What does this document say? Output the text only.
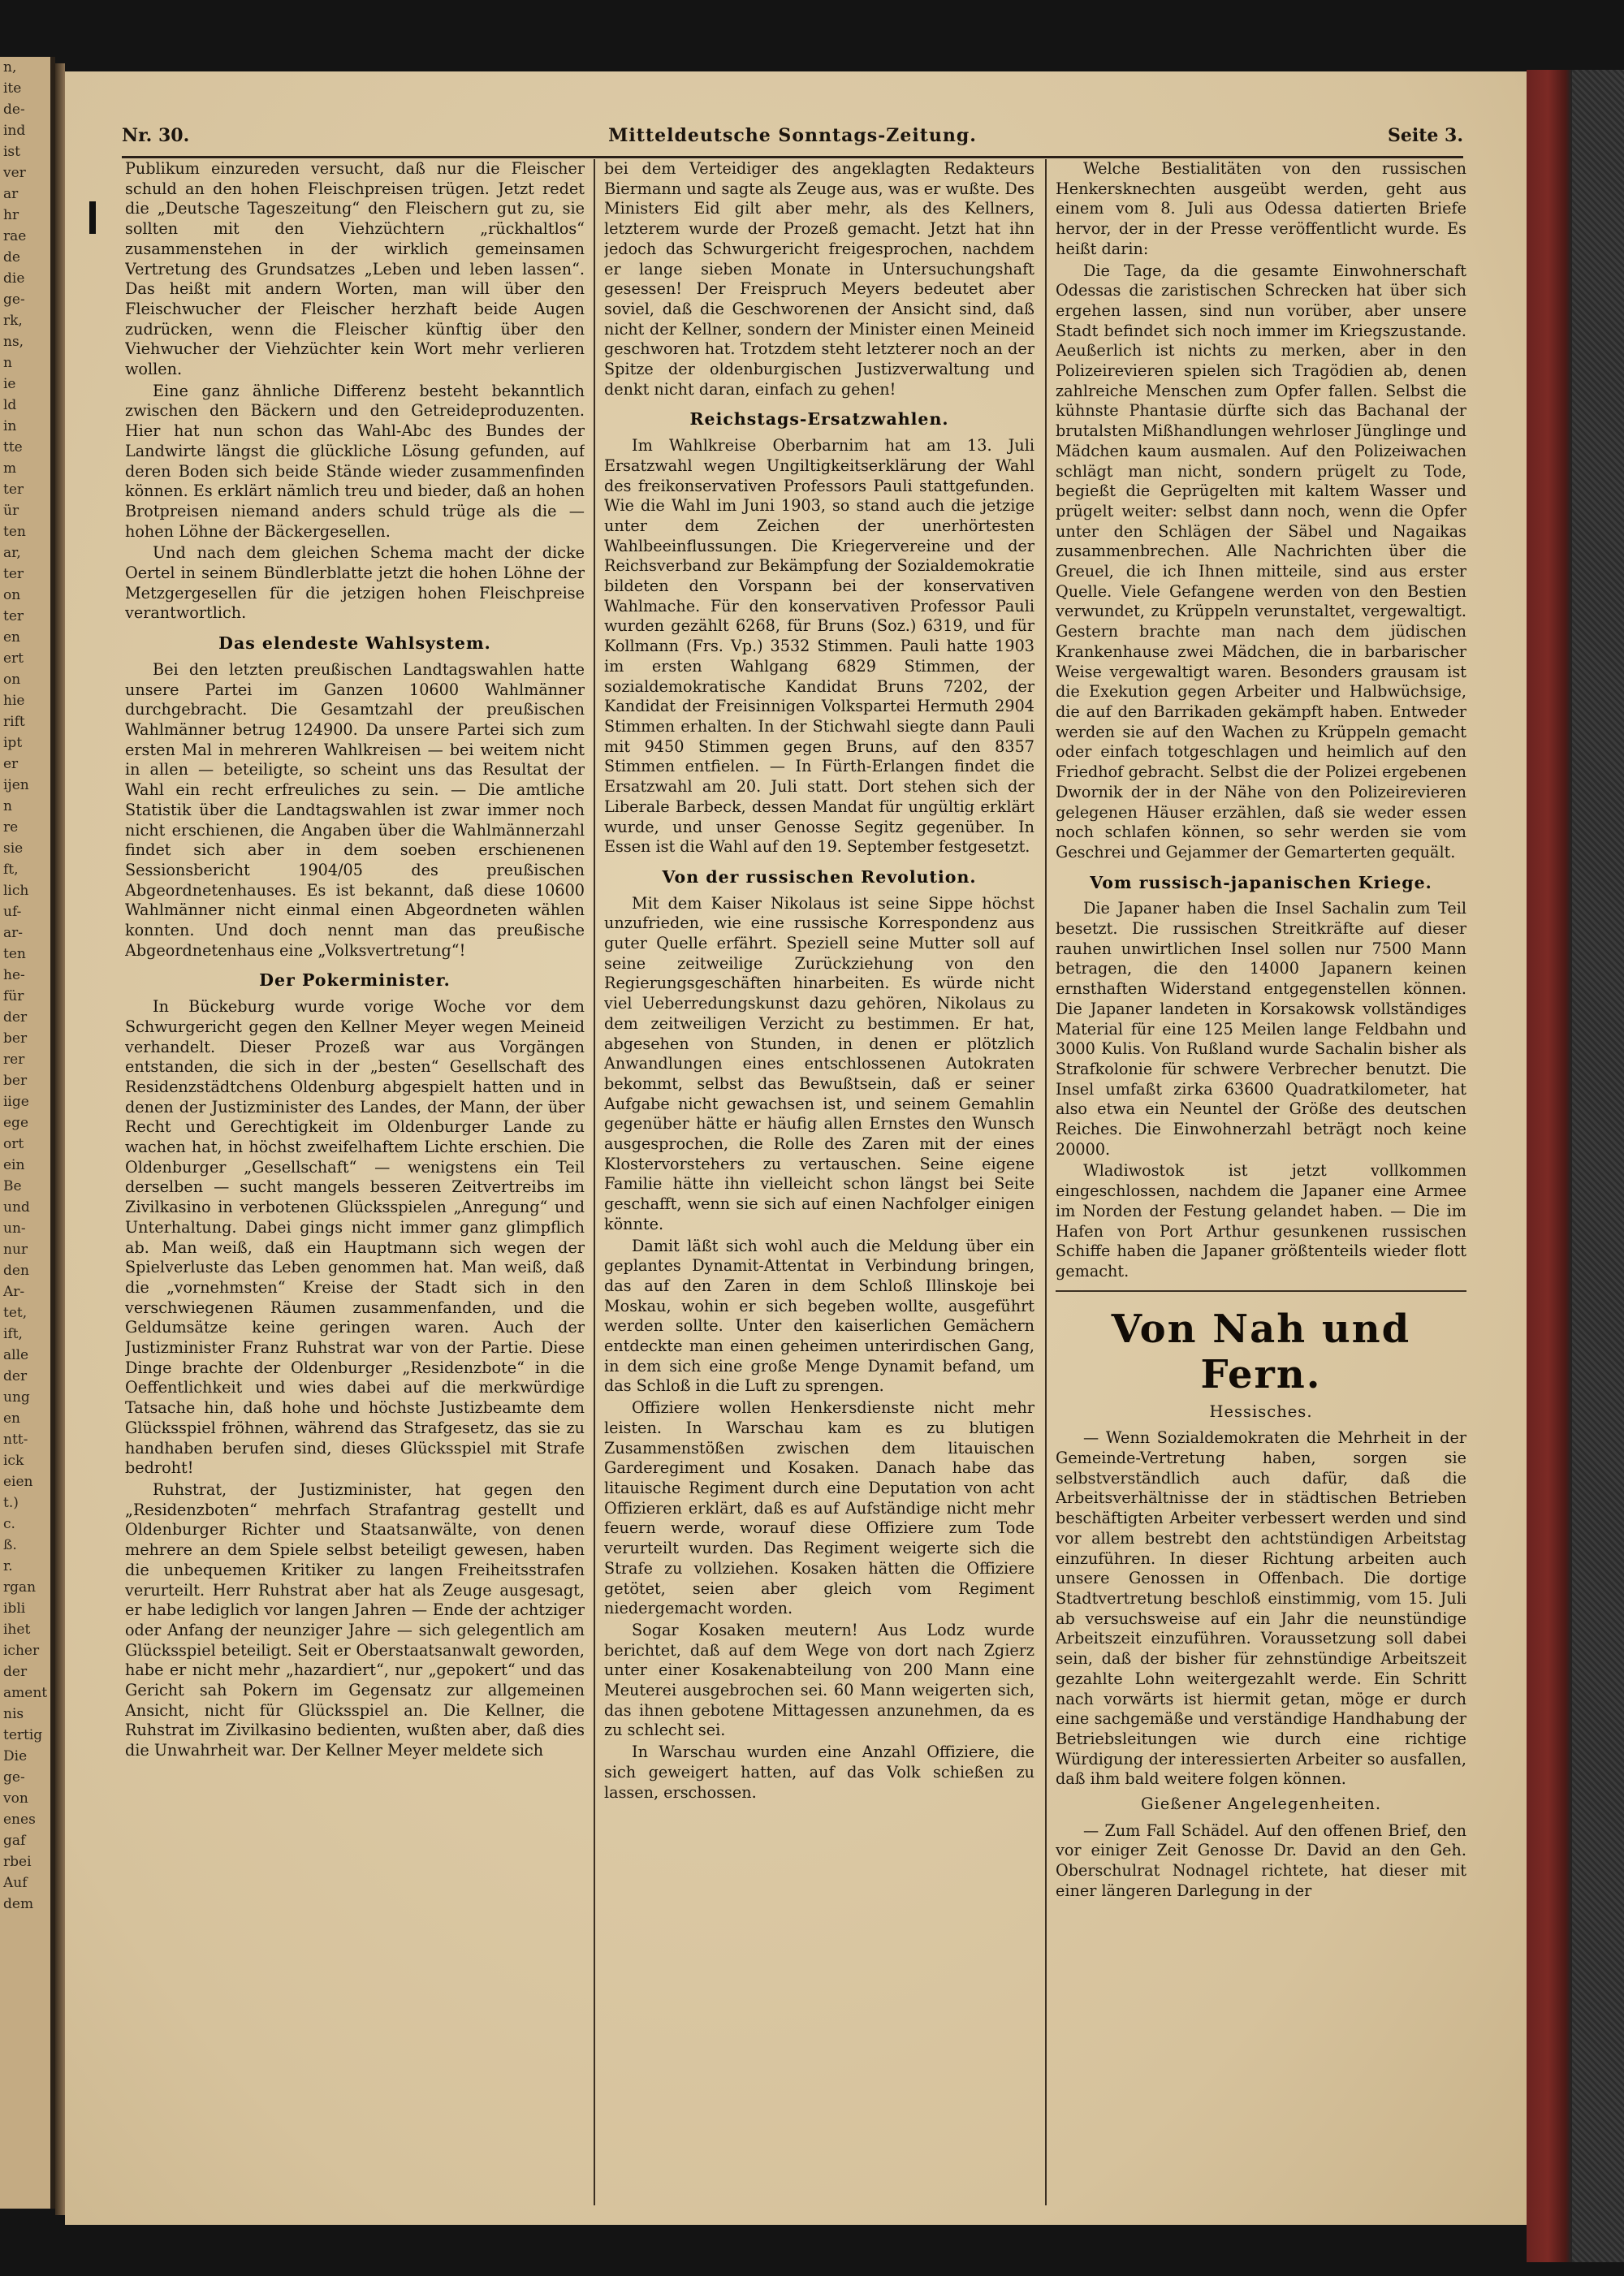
n,
ite
de-
ind
ist
ver
ar
hr
rae
de
die
ge-
rk,
ns,
n
ie
ld
in
tte
m
ter
ür
ten
ar,
ter
on
ter
en
ert
on
hie
rift
ipt
er
ijen
n
re
sie
ft,
lich
uf-
ar-
ten
he-
für
der
ber
rer
ber
iige
ege
ort
ein
Be
und
un-
nur
den
Ar-
tet,
ift,
alle
der
ung
en
ntt-
ick
eien
t.)
c.
ß.
r.
rgan
ibli
ihet
icher
der
ament
nis
tertig
Die
ge-
von
enes
gaf
rbei
Auf
dem
Nr. 30.	Mitteldeutsche Sonntags-Zeitung.	Seite 3.

Publikum einzureden versucht, daß nur die Fleischer schuld an den hohen Fleischpreisen trügen. Jetzt redet die „Deutsche Tageszeitung“ den Fleischern gut zu, sie sollten mit den Viehzüchtern „rückhaltlos“ zusammenstehen in der wirklich gemeinsamen Vertretung des Grundsatzes „Leben und leben lassen“. Das heißt mit andern Worten, man will über den Fleischwucher der Fleischer herzhaft beide Augen zudrücken, wenn die Fleischer künftig über den Viehwucher der Viehzüchter kein Wort mehr verlieren wollen.

Eine ganz ähnliche Differenz besteht bekanntlich zwischen den Bäckern und den Getreideproduzenten. Hier hat nun schon das Wahl-Abc des Bundes der Landwirte längst die glückliche Lösung gefunden, auf deren Boden sich beide Stände wieder zusammenfinden können. Es erklärt nämlich treu und bieder, daß an hohen Brotpreisen niemand anders schuld trüge als die — hohen Löhne der Bäckergesellen.

Und nach dem gleichen Schema macht der dicke Oertel in seinem Bündlerblatte jetzt die hohen Löhne der Metzgergesellen für die jetzigen hohen Fleischpreise verantwortlich.

Das elendeste Wahlsystem.

Bei den letzten preußischen Landtagswahlen hatte unsere Partei im Ganzen 10600 Wahlmänner durchgebracht. Die Gesamtzahl der preußischen Wahlmänner betrug 124900. Da unsere Partei sich zum ersten Mal in mehreren Wahlkreisen — bei weitem nicht in allen — beteiligte, so scheint uns das Resultat der Wahl ein recht erfreuliches zu sein. — Die amtliche Statistik über die Landtagswahlen ist zwar immer noch nicht erschienen, die Angaben über die Wahlmännerzahl findet sich aber in dem soeben erschienenen Sessionsbericht 1904/05 des preußischen Abgeordnetenhauses. Es ist bekannt, daß diese 10600 Wahlmänner nicht einmal einen Abgeordneten wählen konnten. Und doch nennt man das preußische Abgeordnetenhaus eine „Volksvertretung“!

Der Pokerminister.

In Bückeburg wurde vorige Woche vor dem Schwurgericht gegen den Kellner Meyer wegen Meineid verhandelt. Dieser Prozeß war aus Vorgängen entstanden, die sich in der „besten“ Gesellschaft des Residenzstädtchens Oldenburg abgespielt hatten und in denen der Justizminister des Landes, der Mann, der über Recht und Gerechtigkeit im Oldenburger Lande zu wachen hat, in höchst zweifelhaftem Lichte erschien. Die Oldenburger „Gesellschaft“ — wenigstens ein Teil derselben — sucht mangels besseren Zeitvertreibs im Zivilkasino in verbotenen Glücksspielen „Anregung“ und Unterhaltung. Dabei gings nicht immer ganz glimpflich ab. Man weiß, daß ein Hauptmann sich wegen der Spielverluste das Leben genommen hat. Man weiß, daß die „vornehmsten“ Kreise der Stadt sich in den verschwiegenen Räumen zusammenfanden, und die Geldumsätze keine geringen waren. Auch der Justizminister Franz Ruhstrat war von der Partie. Diese Dinge brachte der Oldenburger „Residenzbote“ in die Oeffentlichkeit und wies dabei auf die merkwürdige Tatsache hin, daß hohe und höchste Justizbeamte dem Glücksspiel fröhnen, während das Strafgesetz, das sie zu handhaben berufen sind, dieses Glücksspiel mit Strafe bedroht!

Ruhstrat, der Justizminister, hat gegen den „Residenzboten“ mehrfach Strafantrag gestellt und Oldenburger Richter und Staatsanwälte, von denen mehrere an dem Spiele selbst beteiligt gewesen, haben die unbequemen Kritiker zu langen Freiheitsstrafen verurteilt. Herr Ruhstrat aber hat als Zeuge ausgesagt, er habe lediglich vor langen Jahren — Ende der achtziger oder Anfang der neunziger Jahre — sich gelegentlich am Glücksspiel beteiligt. Seit er Oberstaatsanwalt geworden, habe er nicht mehr „hazardiert“, nur „gepokert“ und das Gericht sah Pokern im Gegensatz zur allgemeinen Ansicht, nicht für Glücksspiel an. Die Kellner, die Ruhstrat im Zivilkasino bedienten, wußten aber, daß dies die Unwahrheit war. Der Kellner Meyer meldete sich

bei dem Verteidiger des angeklagten Redakteurs Biermann und sagte als Zeuge aus, was er wußte. Des Ministers Eid gilt aber mehr, als des Kellners, letzterem wurde der Prozeß gemacht. Jetzt hat ihn jedoch das Schwurgericht freigesprochen, nachdem er lange sieben Monate in Untersuchungshaft gesessen! Der Freispruch Meyers bedeutet aber soviel, daß die Geschworenen der Ansicht sind, daß nicht der Kellner, sondern der Minister einen Meineid geschworen hat. Trotzdem steht letzterer noch an der Spitze der oldenburgischen Justizverwaltung und denkt nicht daran, einfach zu gehen!

Reichstags-Ersatzwahlen.

Im Wahlkreise Oberbarnim hat am 13. Juli Ersatzwahl wegen Ungiltigkeitserklärung der Wahl des freikonservativen Professors Pauli stattgefunden. Wie die Wahl im Juni 1903, so stand auch die jetzige unter dem Zeichen der unerhörtesten Wahlbeeinflussungen. Die Kriegervereine und der Reichsverband zur Bekämpfung der Sozialdemokratie bildeten den Vorspann bei der konservativen Wahlmache. Für den konservativen Professor Pauli wurden gezählt 6268, für Bruns (Soz.) 6319, und für Kollmann (Frs. Vp.) 3532 Stimmen. Pauli hatte 1903 im ersten Wahlgang 6829 Stimmen, der sozialdemokratische Kandidat Bruns 7202, der Kandidat der Freisinnigen Volkspartei Hermuth 2904 Stimmen erhalten. In der Stichwahl siegte dann Pauli mit 9450 Stimmen gegen Bruns, auf den 8357 Stimmen entfielen. — In Fürth-Erlangen findet die Ersatzwahl am 20. Juli statt. Dort stehen sich der Liberale Barbeck, dessen Mandat für ungültig erklärt wurde, und unser Genosse Segitz gegenüber. In Essen ist die Wahl auf den 19. September festgesetzt.

Von der russischen Revolution.

Mit dem Kaiser Nikolaus ist seine Sippe höchst unzufrieden, wie eine russische Korrespondenz aus guter Quelle erfährt. Speziell seine Mutter soll auf seine zeitweilige Zurückziehung von den Regierungsgeschäften hinarbeiten. Es würde nicht viel Ueberredungskunst dazu gehören, Nikolaus zu dem zeitweiligen Verzicht zu bestimmen. Er hat, abgesehen von Stunden, in denen er plötzlich Anwandlungen eines entschlossenen Autokraten bekommt, selbst das Bewußtsein, daß er seiner Aufgabe nicht gewachsen ist, und seinem Gemahlin gegenüber hätte er häufig allen Ernstes den Wunsch ausgesprochen, die Rolle des Zaren mit der eines Klostervorstehers zu vertauschen. Seine eigene Familie hätte ihn vielleicht schon längst bei Seite geschafft, wenn sie sich auf einen Nachfolger einigen könnte.

Damit läßt sich wohl auch die Meldung über ein geplantes Dynamit-Attentat in Verbindung bringen, das auf den Zaren in dem Schloß Illinskoje bei Moskau, wohin er sich begeben wollte, ausgeführt werden sollte. Unter den kaiserlichen Gemächern entdeckte man einen geheimen unterirdischen Gang, in dem sich eine große Menge Dynamit befand, um das Schloß in die Luft zu sprengen.

Offiziere wollen Henkersdienste nicht mehr leisten. In Warschau kam es zu blutigen Zusammenstößen zwischen dem litauischen Garderegiment und Kosaken. Danach habe das litauische Regiment durch eine Deputation von acht Offizieren erklärt, daß es auf Aufständige nicht mehr feuern werde, worauf diese Offiziere zum Tode verurteilt wurden. Das Regiment weigerte sich die Strafe zu vollziehen. Kosaken hätten die Offiziere getötet, seien aber gleich vom Regiment niedergemacht worden.

Sogar Kosaken meutern! Aus Lodz wurde berichtet, daß auf dem Wege von dort nach Zgierz unter einer Kosakenabteilung von 200 Mann eine Meuterei ausgebrochen sei. 60 Mann weigerten sich, das ihnen gebotene Mittagessen anzunehmen, da es zu schlecht sei.

In Warschau wurden eine Anzahl Offiziere, die sich geweigert hatten, auf das Volk schießen zu lassen, erschossen.

Welche Bestialitäten von den russischen Henkersknechten ausgeübt werden, geht aus einem vom 8. Juli aus Odessa datierten Briefe hervor, der in der Presse veröffentlicht wurde. Es heißt darin:

Die Tage, da die gesamte Einwohnerschaft Odessas die zaristischen Schrecken hat über sich ergehen lassen, sind nun vorüber, aber unsere Stadt befindet sich noch immer im Kriegszustande. Aeußerlich ist nichts zu merken, aber in den Polizeirevieren spielen sich Tragödien ab, denen zahlreiche Menschen zum Opfer fallen. Selbst die kühnste Phantasie dürfte sich das Bachanal der brutalsten Mißhandlungen wehrloser Jünglinge und Mädchen kaum ausmalen. Auf den Polizeiwachen schlägt man nicht, sondern prügelt zu Tode, begießt die Geprügelten mit kaltem Wasser und prügelt weiter: selbst dann noch, wenn die Opfer unter den Schlägen der Säbel und Nagaikas zusammenbrechen. Alle Nachrichten über die Greuel, die ich Ihnen mitteile, sind aus erster Quelle. Viele Gefangene werden von den Bestien verwundet, zu Krüppeln verunstaltet, vergewaltigt. Gestern brachte man nach dem jüdischen Krankenhause zwei Mädchen, die in barbarischer Weise vergewaltigt waren. Besonders grausam ist die Exekution gegen Arbeiter und Halbwüchsige, die auf den Barrikaden gekämpft haben. Entweder werden sie auf den Wachen zu Krüppeln gemacht oder einfach totgeschlagen und heimlich auf den Friedhof gebracht. Selbst die der Polizei ergebenen Dwornik der in der Nähe von den Polizeirevieren gelegenen Häuser erzählen, daß sie weder essen noch schlafen können, so sehr werden sie vom Geschrei und Gejammer der Gemarterten gequält.

Vom russisch-japanischen Kriege.

Die Japaner haben die Insel Sachalin zum Teil besetzt. Die russischen Streitkräfte auf dieser rauhen unwirtlichen Insel sollen nur 7500 Mann betragen, die den 14000 Japanern keinen ernsthaften Widerstand entgegenstellen können. Die Japaner landeten in Korsakowsk vollständiges Material für eine 125 Meilen lange Feldbahn und 3000 Kulis. Von Rußland wurde Sachalin bisher als Strafkolonie für schwere Verbrecher benutzt. Die Insel umfaßt zirka 63600 Quadratkilometer, hat also etwa ein Neuntel der Größe des deutschen Reiches. Die Einwohnerzahl beträgt noch keine 20000.

Wladiwostok ist jetzt vollkommen eingeschlossen, nachdem die Japaner eine Armee im Norden der Festung gelandet haben. — Die im Hafen von Port Arthur gesunkenen russischen Schiffe haben die Japaner größtenteils wieder flott gemacht.

Von Nah und Fern.
Hessisches.

— Wenn Sozialdemokraten die Mehrheit in der Gemeinde-Vertretung haben, sorgen sie selbstverständlich auch dafür, daß die Arbeitsverhältnisse der in städtischen Betrieben beschäftigten Arbeiter verbessert werden und sind vor allem bestrebt den achtstündigen Arbeitstag einzuführen. In dieser Richtung arbeiten auch unsere Genossen in Offenbach. Die dortige Stadtvertretung beschloß einstimmig, vom 15. Juli ab versuchsweise auf ein Jahr die neunstündige Arbeitszeit einzuführen. Voraussetzung soll dabei sein, daß der bisher für zehnstündige Arbeitszeit gezahlte Lohn weitergezahlt werde. Ein Schritt nach vorwärts ist hiermit getan, möge er durch eine sachgemäße und verständige Handhabung der Betriebsleitungen wie durch eine richtige Würdigung der interessierten Arbeiter so ausfallen, daß ihm bald weitere folgen können.

Gießener Angelegenheiten.

— Zum Fall Schädel. Auf den offenen Brief, den vor einiger Zeit Genosse Dr. David an den Geh. Oberschulrat Nodnagel richtete, hat dieser mit einer längeren Darlegung in der
